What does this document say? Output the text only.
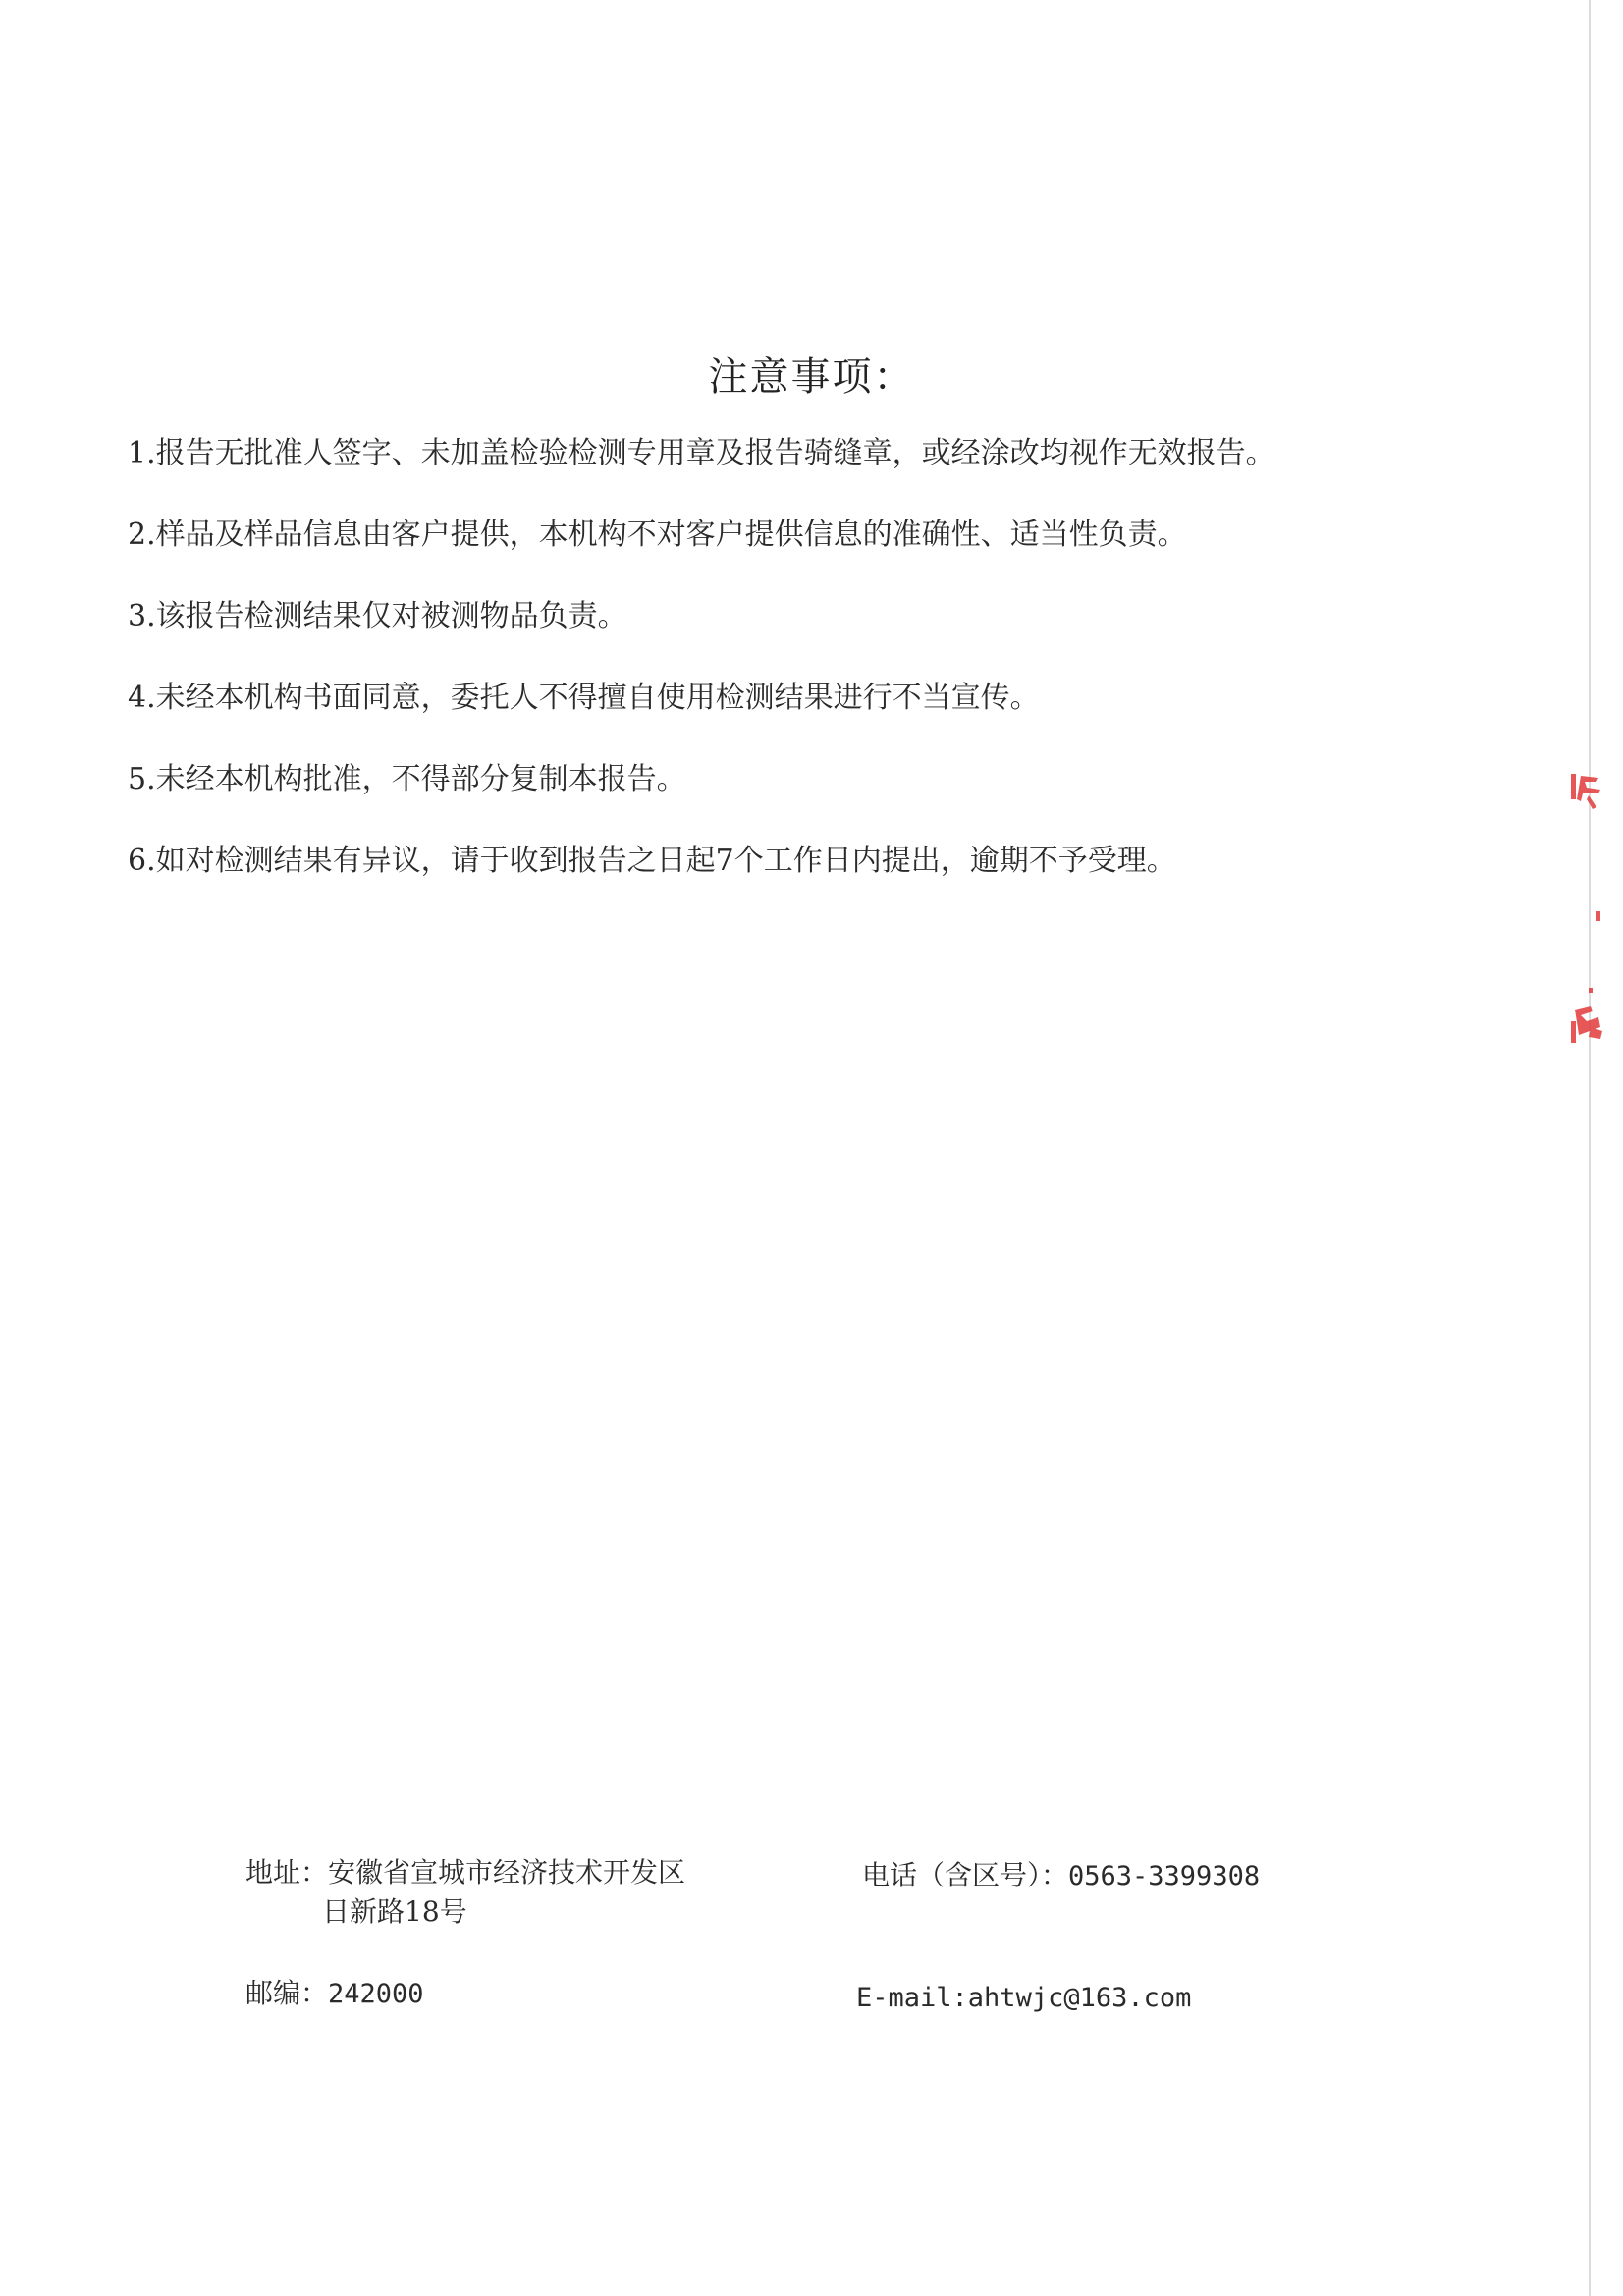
注意事项：
1.报告无批准人签字、未加盖检验检测专用章及报告骑缝章，或经涂改均视作无效报告。
2.样品及样品信息由客户提供，本机构不对客户提供信息的准确性、适当性负责。
3.该报告检测结果仅对被测物品负责。
4.未经本机构书面同意，委托人不得擅自使用检测结果进行不当宣传。
5.未经本机构批准，不得部分复制本报告。
6.如对检测结果有异议，请于收到报告之日起7个工作日内提出，逾期不予受理。
地址：安徽省宣城市经济技术开发区
日新路18号
电话（含区号）：0563-3399308
邮编：242000	E-mail:ahtwjc@163.com
